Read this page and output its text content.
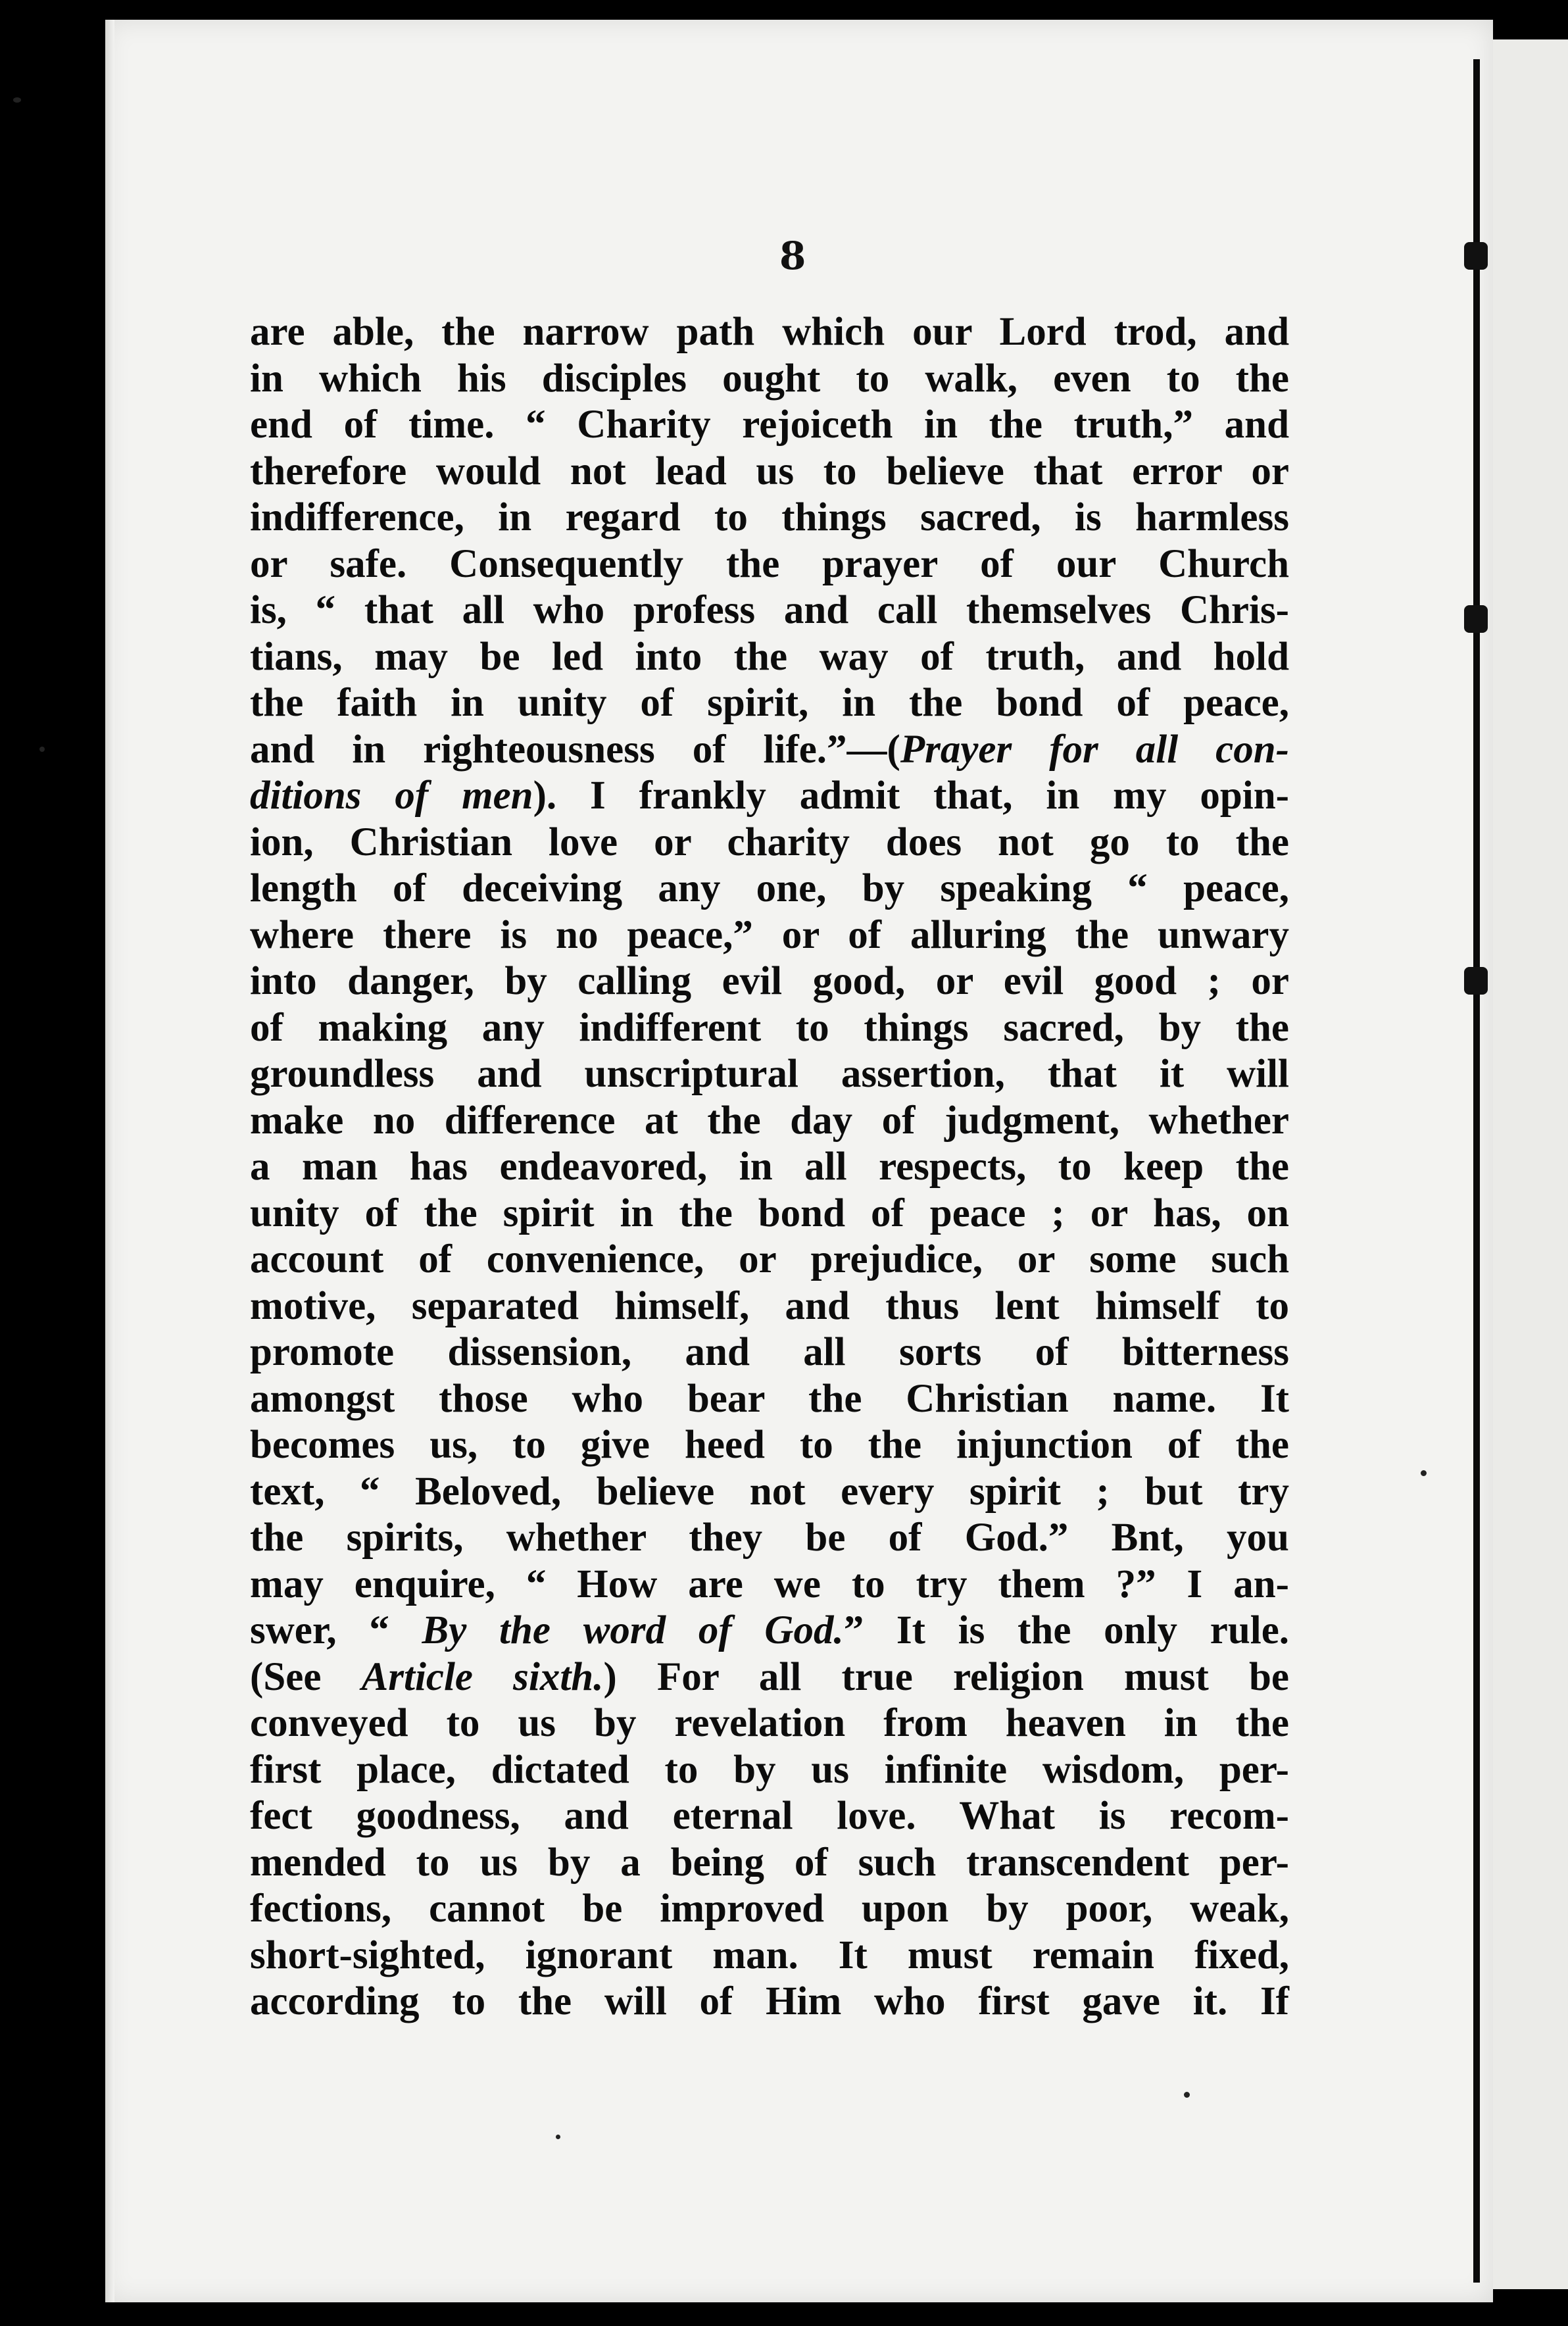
8
are able, the narrow path which our Lord trod, and
in which his disciples ought to walk, even to the
end of time. “ Charity rejoiceth in the truth,” and
therefore would not lead us to believe that error or
indifference, in regard to things sacred, is harmless
or safe. Consequently the prayer of our Church
is, “ that all who profess and call themselves Chris-
tians, may be led into the way of truth, and hold
the faith in unity of spirit, in the bond of peace,
and in righteousness of life.”—(Prayer for all con-
ditions of men). I frankly admit that, in my opin-
ion, Christian love or charity does not go to the
length of deceiving any one, by speaking “ peace,
where there is no peace,” or of alluring the unwary
into danger, by calling evil good, or evil good ; or
of making any indifferent to things sacred, by the
groundless and unscriptural assertion, that it will
make no difference at the day of judgment, whether
a man has endeavored, in all respects, to keep the
unity of the spirit in the bond of peace ; or has, on
account of convenience, or prejudice, or some such
motive, separated himself, and thus lent himself to
promote dissension, and all sorts of bitterness
amongst those who bear the Christian name. It
becomes us, to give heed to the injunction of the
text, “ Beloved, believe not every spirit ; but try
the spirits, whether they be of God.” Bnt, you
may enquire, “ How are we to try them ?” I an-
swer, “ By the word of God.” It is the only rule.
(See Article sixth.) For all true religion must be
conveyed to us by revelation from heaven in the
first place, dictated to by us infinite wisdom, per-
fect goodness, and eternal love. What is recom-
mended to us by a being of such transcendent per-
fections, cannot be improved upon by poor, weak,
short-sighted, ignorant man. It must remain fixed,
according to the will of Him who first gave it. If
